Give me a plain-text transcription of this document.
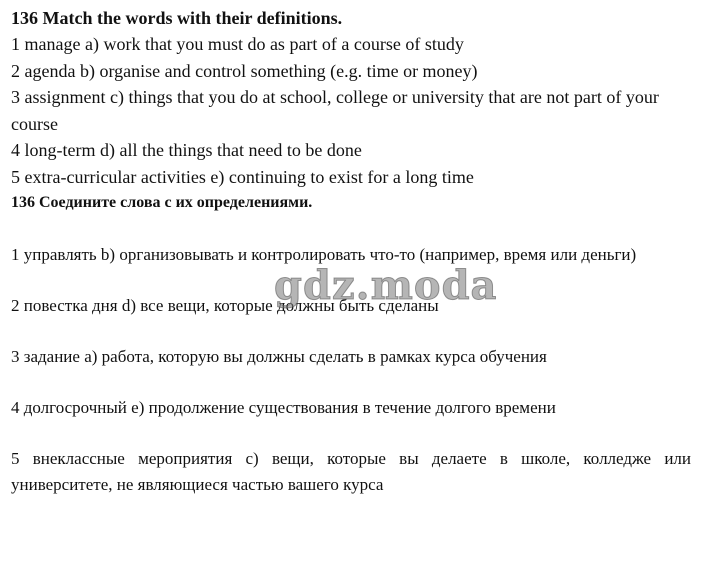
136 Match the words with their definitions.

1 manage a) work that you must do as part of a course of study

2 agenda b) organise and control something (e.g. time or money)

3 assignment c) things that you do at school, college or university that are not part of your course

4 long-term d) all the things that need to be done

5 extra-curricular activities e) continuing to exist for a long time

136 Соедините слова с их определениями.

1 управлять b) организовывать и контролировать что-то (например, время или деньги)

2 повестка дня d) все вещи, которые должны быть сделаны

3 задание a) работа, которую вы должны сделать в рамках курса обучения

4 долгосрочный e) продолжение существования в течение долгого времени

5 внеклассные мероприятия c) вещи, которые вы делаете в школе, колледже или университете, не являющиеся частью вашего курса

gdz.moda
